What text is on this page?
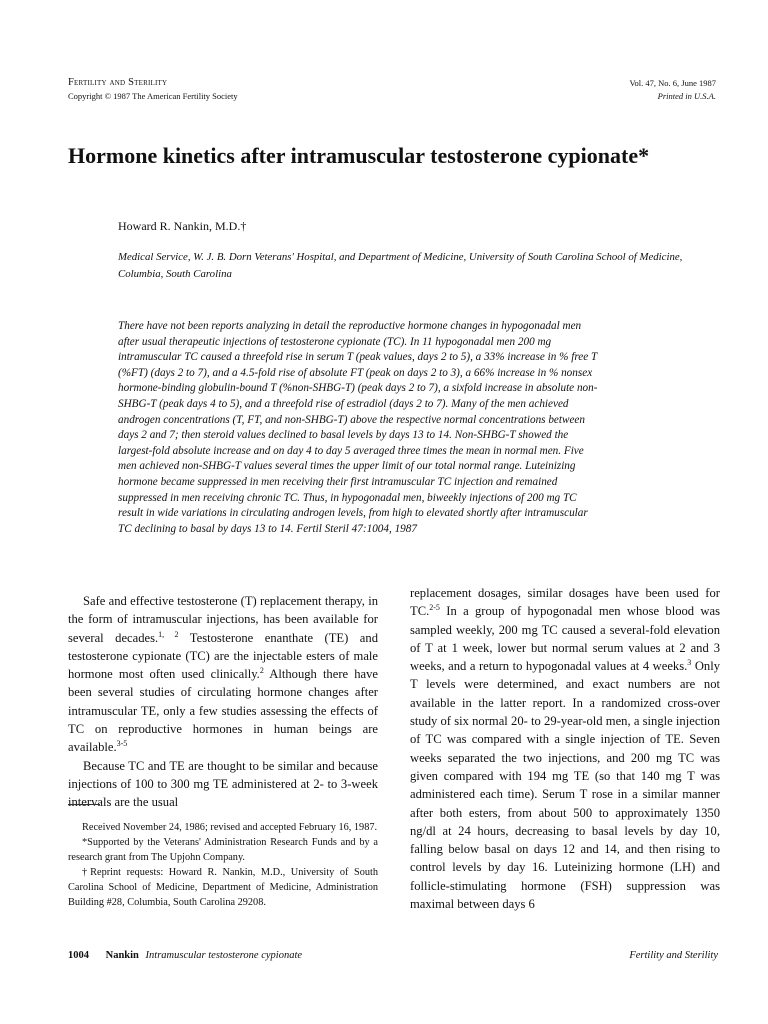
Fertility and Sterility
Copyright © 1987 The American Fertility Society
Vol. 47, No. 6, June 1987
Printed in U.S.A.
Hormone kinetics after intramuscular testosterone cypionate*
Howard R. Nankin, M.D.†
Medical Service, W. J. B. Dorn Veterans' Hospital, and Department of Medicine, University of South Carolina School of Medicine, Columbia, South Carolina
There have not been reports analyzing in detail the reproductive hormone changes in hypogonadal men after usual therapeutic injections of testosterone cypionate (TC). In 11 hypogonadal men 200 mg intramuscular TC caused a threefold rise in serum T (peak values, days 2 to 5), a 33% increase in % free T (%FT) (days 2 to 7), and a 4.5-fold rise of absolute FT (peak on days 2 to 3), a 66% increase in % nonsex hormone-binding globulin-bound T (%non-SHBG-T) (peak days 2 to 7), a sixfold increase in absolute non-SHBG-T (peak days 4 to 5), and a threefold rise of estradiol (days 2 to 7). Many of the men achieved androgen concentrations (T, FT, and non-SHBG-T) above the respective normal concentrations between days 2 and 7; then steroid values declined to basal levels by days 13 to 14. Non-SHBG-T showed the largest-fold absolute increase and on day 4 to day 5 averaged three times the mean in normal men. Five men achieved non-SHBG-T values several times the upper limit of our total normal range. Luteinizing hormone became suppressed in men receiving their first intramuscular TC injection and remained suppressed in men receiving chronic TC. Thus, in hypogonadal men, biweekly injections of 200 mg TC result in wide variations in circulating androgen levels, from high to elevated shortly after intramuscular TC declining to basal by days 13 to 14. Fertil Steril 47:1004, 1987

Safe and effective testosterone (T) replacement therapy, in the form of intramuscular injections, has been available for several decades.$^{1, 2}$ Testosterone enanthate (TE) and testosterone cypionate (TC) are the injectable esters of male hormone most often used clinically.$^2$ Although there have been several studies of circulating hormone changes after intramuscular TE, only a few studies assessing the effects of TC on reproductive hormones in human beings are available.$^{3-5}$

Because TC and TE are thought to be similar and because injections of 100 to 300 mg TE administered at 2- to 3-week intervals are the usual

Received November 24, 1986; revised and accepted February 16, 1987.

*Supported by the Veterans' Administration Research Funds and by a research grant from The Upjohn Company.

†Reprint requests: Howard R. Nankin, M.D., University of South Carolina School of Medicine, Department of Medicine, Administration Building #28, Columbia, South Carolina 29208.

replacement dosages, similar dosages have been used for TC.$^{2-5}$ In a group of hypogonadal men whose blood was sampled weekly, 200 mg TC caused a several-fold elevation of T at 1 week, lower but normal serum values at 2 and 3 weeks, and a return to hypogonadal values at 4 weeks.$^3$ Only T levels were determined, and exact numbers are not available in the latter report. In a randomized cross-over study of six normal 20- to 29-year-old men, a single injection of TC was compared with a single injection of TE. Seven weeks separated the two injections, and 200 mg TC was given compared with 194 mg TE (so that 140 mg T was administered each time). Serum T rose in a similar manner after both esters, from about 500 to approximately 1350 ng/dl at 24 hours, decreasing to basal levels by day 10, falling below basal on days 12 and 14, and then rising to control levels by day 16. Luteinizing hormone (LH) and follicle-stimulating hormone (FSH) suppression was maximal between days 6

1004 Nankin Intramuscular testosterone cypionate	Fertility and Sterility
